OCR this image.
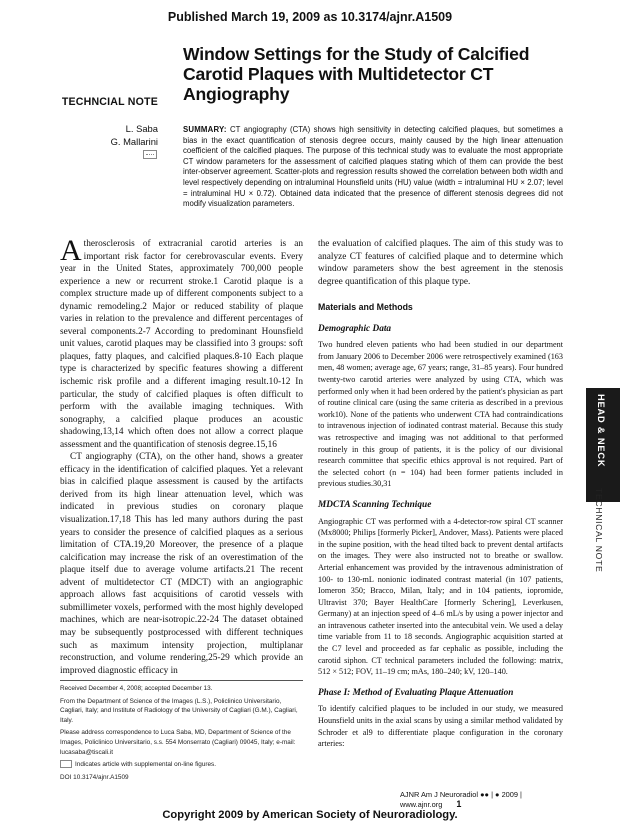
Published March 19, 2009 as 10.3174/ajnr.A1509
Window Settings for the Study of Calcified Carotid Plaques with Multidetector CT Angiography
TECHNCIAL NOTE
L. Saba
G. Mallarini
SUMMARY: CT angiography (CTA) shows high sensitivity in detecting calcified plaques, but sometimes a bias in the exact quantification of stenosis degree occurs, mainly caused by the high linear attenuation coefficient of the calcified plaques. The purpose of this technical study was to evaluate the most appropriate CT window parameters for the assessment of calcified plaques stating which of them can provide the best inter-observer agreement. Scatter-plots and regression results showed the correlation between both width and level respectively depending on intraluminal Hounsfield units (HU) value (width = intraluminal HU × 2.07; level = intraluminal HU × 0.72). Obtained data indicated that the presence of different stenosis degrees did not modify visualization parameters.

Atherosclerosis of extracranial carotid arteries is an important risk factor for cerebrovascular events. Every year in the United States, approximately 700,000 people experience a new or recurrent stroke.1 Carotid plaque is a complex structure made up of different components subject to a dynamic remodeling.2 Major or reduced stability of plaque varies in relation to the prevalence and different percentages of several components.2-7 According to predominant Hounsfield unit values, carotid plaques may be classified into 3 groups: soft plaques, fatty plaques, and calcified plaques.8-10 Each plaque type is characterized by specific features showing a different ischemic risk profile and a different imaging result.10-12 In particular, the study of calcified plaques is often difficult to perform with the available imaging techniques. With sonography, a calcified plaque produces an acoustic shadowing,13,14 which often does not allow a correct plaque assessment and the quantification of stenosis degree.15,16

CT angiography (CTA), on the other hand, shows a greater efficacy in the identification of calcified plaques. Yet a relevant bias in calcified plaque assessment is caused by the artifacts derived from its high linear attenuation level, which was indicated in previous studies on coronary plaque visualization.17,18 This has led many authors during the past years to consider the presence of calcified plaques as a serious limitation of CTA.19,20 Moreover, the presence of a plaque calcification may increase the risk of an overestimation of the plaque itself due to average volume artifacts.21 The recent advent of multidetector CT (MDCT) with an angiographic approach allows fast acquisitions of carotid vessels with submillimeter voxels, performed with the most highly developed machines, which are near-isotropic.22-24 The dataset obtained may be subsequently postprocessed with different techniques such as maximum intensity projection, multiplanar reconstruction, and volume rendering,25-29 which provide an improved diagnostic efficacy in

Received December 4, 2008; accepted December 13.
From the Department of Science of the Images (L.S.), Policlinico Universitario, Cagliari, Italy; and Institute of Radiology of the University of Cagliari (G.M.), Cagliari, Italy.
Please address correspondence to Luca Saba, MD, Department of Science of the Images, Policlinico Universitario, s.s. 554 Monserrato (Cagliari) 09045, Italy; e-mail: lucasaba@tiscali.it
Indicates article with supplemental on-line figures.
DOI 10.3174/ajnr.A1509

the evaluation of calcified plaques. The aim of this study was to analyze CT features of calcified plaque and to determine which window parameters show the best agreement in the stenosis degree quantification of this plaque type.

Materials and Methods
Demographic Data

Two hundred eleven patients who had been studied in our department from January 2006 to December 2006 were retrospectively examined (163 men, 48 women; average age, 67 years; range, 31–85 years). Four hundred twenty-two carotid arteries were analyzed by using CTA, which was performed only when it had been ordered by the patient's physician as part of routine clinical care (using the same criteria as described in a previous work10). None of the patients who underwent CTA had contraindications to intravenous injection of iodinated contrast material. Because this study was retrospective and imaging was not additional to that performed routinely in this group of patients, it is the policy of our divisional research committee that specific ethics approval is not required. Part of the selected cohort (n = 104) had been former patients included in previous studies.30,31

MDCTA Scanning Technique

Angiographic CT was performed with a 4-detector-row spiral CT scanner (Mx8000; Philips [formerly Picker], Andover, Mass). Patients were placed in the supine position, with the head tilted back to prevent dental artifacts on the images. They were also instructed not to breathe or swallow. Arterial enhancement was provided by the intravenous administration of 100- to 130-mL nonionic iodinated contrast material (in 107 patients, Iomeron 350; Bracco, Milan, Italy; and in 104 patients, iopromide, Ultravist 370; Bayer HealthCare [formerly Schering], Leverkusen, Germany) at an injection speed of 4–6 mL/s by using a power injector and an intravenous catheter inserted into the antecubital vein. We used a delay time variable from 11 to 18 seconds. Angiographic acquisition started at the C7 level and proceeded as far cephalic as possible, including the carotid siphon. CT technical parameters included the following: matrix, 512 × 512; FOV, 11–19 cm; mAs, 180–240; kV, 120–140.

Phase I: Method of Evaluating Plaque Attenuation

To identify calcified plaques to be included in our study, we measured Hounsfield units in the axial scans by using a similar method validated by Schroder et al9 to differentiate plaque configuration in the coronary arteries:

HEAD & NECK
TECHNICAL NOTE
AJNR Am J Neuroradiol ●● | ● 2009 | www.ajnr.org 1
Copyright 2009 by American Society of Neuroradiology.
